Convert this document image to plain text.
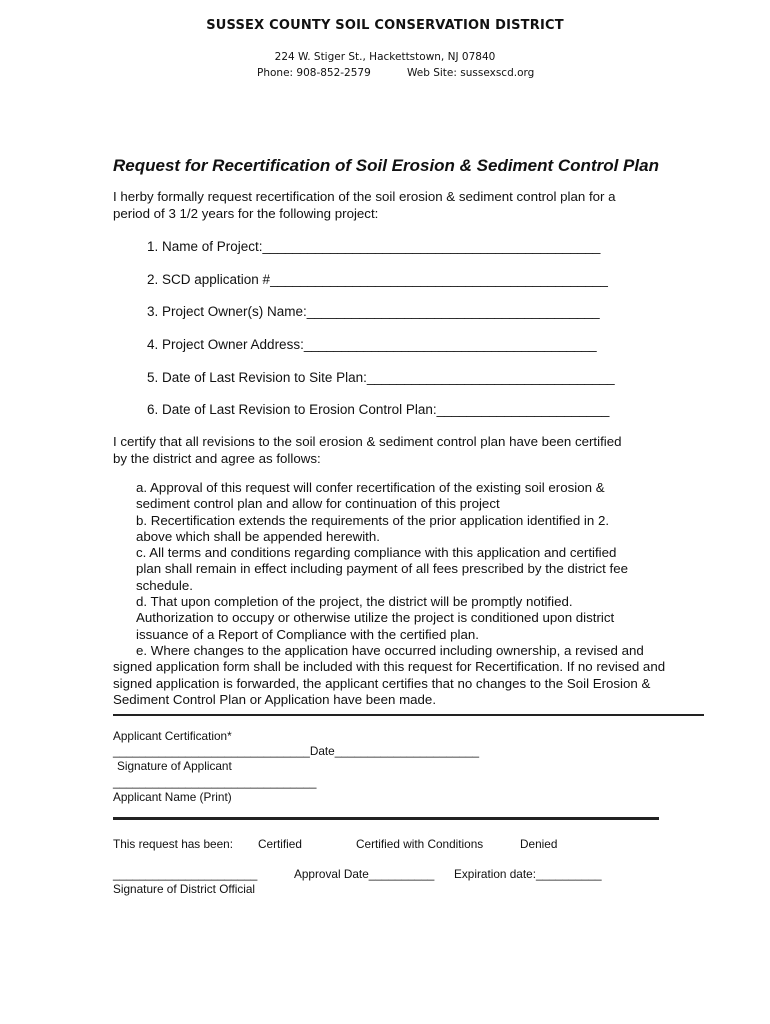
SUSSEX COUNTY SOIL CONSERVATION DISTRICT
224 W. Stiger St., Hackettstown, NJ 07840
Phone: 908-852-2579	Web Site: sussexscd.org
Request for Recertification of Soil Erosion & Sediment Control Plan
I herby formally request recertification of the soil erosion & sediment control plan for a
period of 3 1/2 years for the following project:
1. Name of Project:_____________________________________________
2. SCD application #_____________________________________________
3. Project Owner(s) Name:_______________________________________
4. Project Owner Address:_______________________________________
5. Date of Last Revision to Site Plan:_________________________________
6. Date of Last Revision to Erosion Control Plan:_______________________
I certify that all revisions to the soil erosion & sediment control plan have been certified
by the district and agree as follows:
a. Approval of this request will confer recertification of the existing soil erosion &
sediment control plan and allow for continuation of this project
b. Recertification extends the requirements of the prior application identified in 2.
above which shall be appended herewith.
c. All terms and conditions regarding compliance with this application and certified
plan shall remain in effect including payment of all fees prescribed by the district fee
schedule.
d. That upon completion of the project, the district will be promptly notified.
Authorization to occupy or otherwise utilize the project is conditioned upon district
issuance of a Report of Compliance with the certified plan.
e. Where changes to the application have occurred including ownership, a revised and
signed application form shall be included with this request for Recertification. If no revised and
signed application is forwarded, the applicant certifies that no changes to the Soil Erosion &
Sediment Control Plan or Application have been made.
Applicant Certification*
______________________________Date______________________
Signature of Applicant
_______________________________
Applicant Name (Print)
This request has been: Certified	Certified with Conditions	Denied
______________________	Approval Date__________ Expiration date:__________
Signature of District Official
